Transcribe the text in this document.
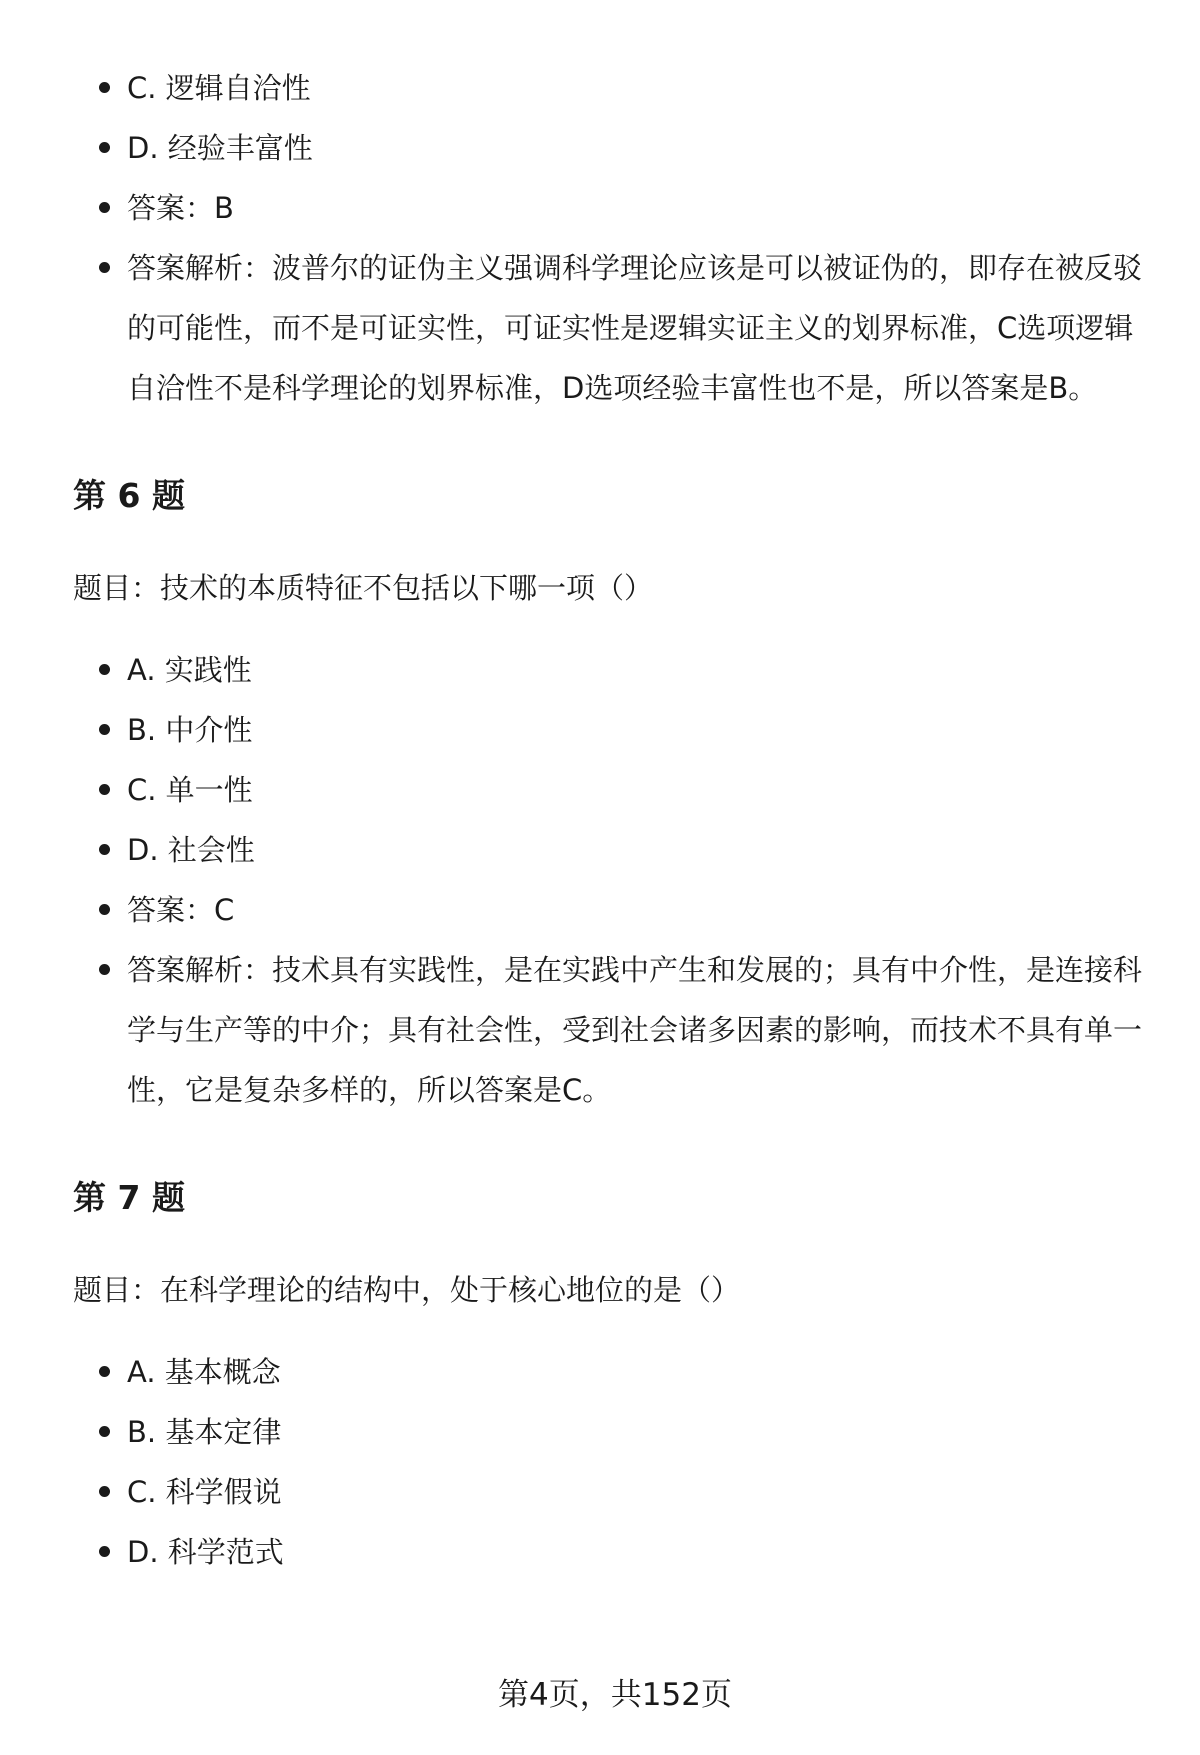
C. 逻辑自洽性
D. 经验丰富性
答案：B
答案解析：波普尔的证伪主义强调科学理论应该是可以被证伪的，即存在被反驳的可能性，而不是可证实性，可证实性是逻辑实证主义的划界标准，C选项逻辑自洽性不是科学理论的划界标准，D选项经验丰富性也不是，所以答案是B。
第 6 题
题目：技术的本质特征不包括以下哪一项（）
A. 实践性
B. 中介性
C. 单一性
D. 社会性
答案：C
答案解析：技术具有实践性，是在实践中产生和发展的；具有中介性，是连接科学与生产等的中介；具有社会性，受到社会诸多因素的影响，而技术不具有单一性，它是复杂多样的，所以答案是C。
第 7 题
题目：在科学理论的结构中，处于核心地位的是（）
A. 基本概念
B. 基本定律
C. 科学假说
D. 科学范式
第4页，共152页
